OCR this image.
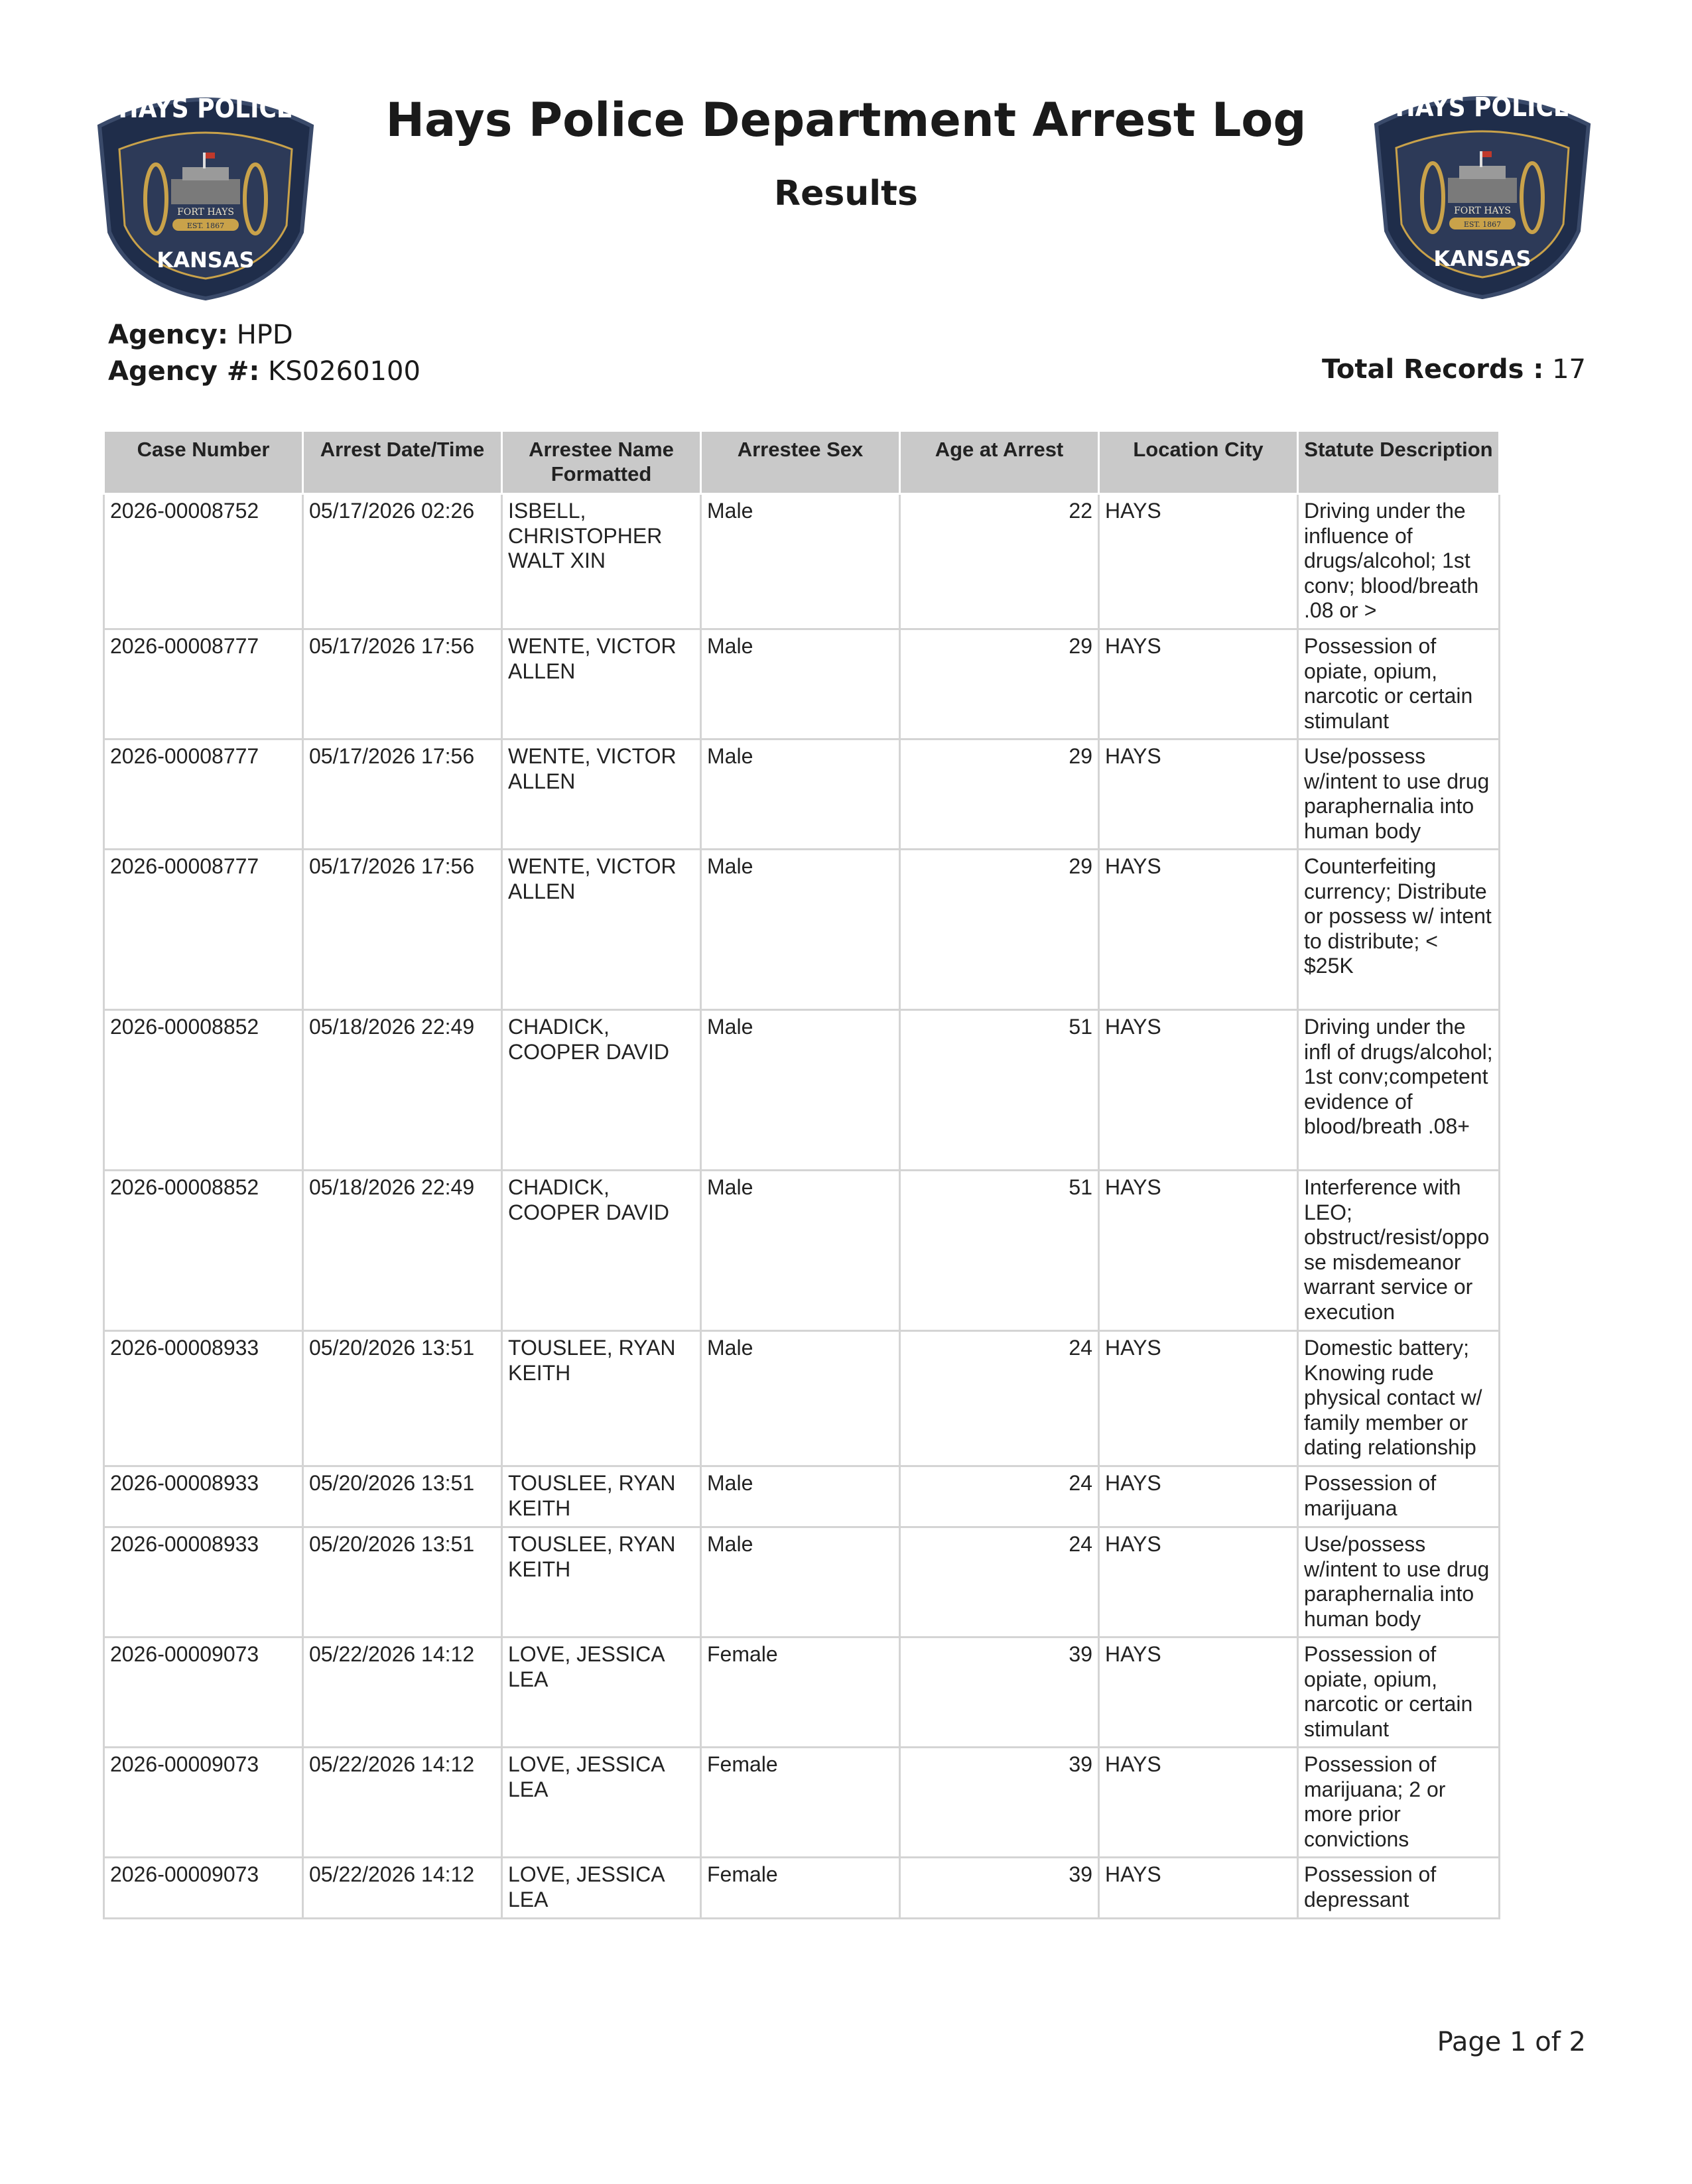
HAYS POLICE
FORT HAYS
EST. 1867
KANSAS
HAYS POLICE
FORT HAYS
EST. 1867
KANSAS
Hays Police Department Arrest Log
Results
Agency: HPD
Agency #: KS0260100	Total Records : 17
Case Number	Arrest Date/Time	Arrestee Name Formatted	Arrestee Sex	Age at Arrest	Location City	Statute Description
2026-00008752	05/17/2026 02:26	ISBELL, CHRISTOPHER WALT XIN	Male	22	HAYS	Driving under the influence of drugs/alcohol; 1st conv; blood/breath .08 or >
2026-00008777	05/17/2026 17:56	WENTE, VICTOR ALLEN	Male	29	HAYS	Possession of opiate, opium, narcotic or certain stimulant
2026-00008777	05/17/2026 17:56	WENTE, VICTOR ALLEN	Male	29	HAYS	Use/possess w/intent to use drug paraphernalia into human body
2026-00008777	05/17/2026 17:56	WENTE, VICTOR ALLEN	Male	29	HAYS	Counterfeiting currency; Distribute or possess w/ intent to distribute; < $25K
2026-00008852	05/18/2026 22:49	CHADICK, COOPER DAVID	Male	51	HAYS	Driving under the infl of drugs/alcohol; 1st conv;competent evidence of blood/breath .08+
2026-00008852	05/18/2026 22:49	CHADICK, COOPER DAVID	Male	51	HAYS	Interference with LEO; obstruct/resist/oppose misdemeanor warrant service or execution
2026-00008933	05/20/2026 13:51	TOUSLEE, RYAN KEITH	Male	24	HAYS	Domestic battery; Knowing rude physical contact w/ family member or dating relationship
2026-00008933	05/20/2026 13:51	TOUSLEE, RYAN KEITH	Male	24	HAYS	Possession of marijuana
2026-00008933	05/20/2026 13:51	TOUSLEE, RYAN KEITH	Male	24	HAYS	Use/possess w/intent to use drug paraphernalia into human body
2026-00009073	05/22/2026 14:12	LOVE, JESSICA LEA	Female	39	HAYS	Possession of opiate, opium, narcotic or certain stimulant
2026-00009073	05/22/2026 14:12	LOVE, JESSICA LEA	Female	39	HAYS	Possession of marijuana; 2 or more prior convictions
2026-00009073	05/22/2026 14:12	LOVE, JESSICA LEA	Female	39	HAYS	Possession of depressant
Page 1 of 2
